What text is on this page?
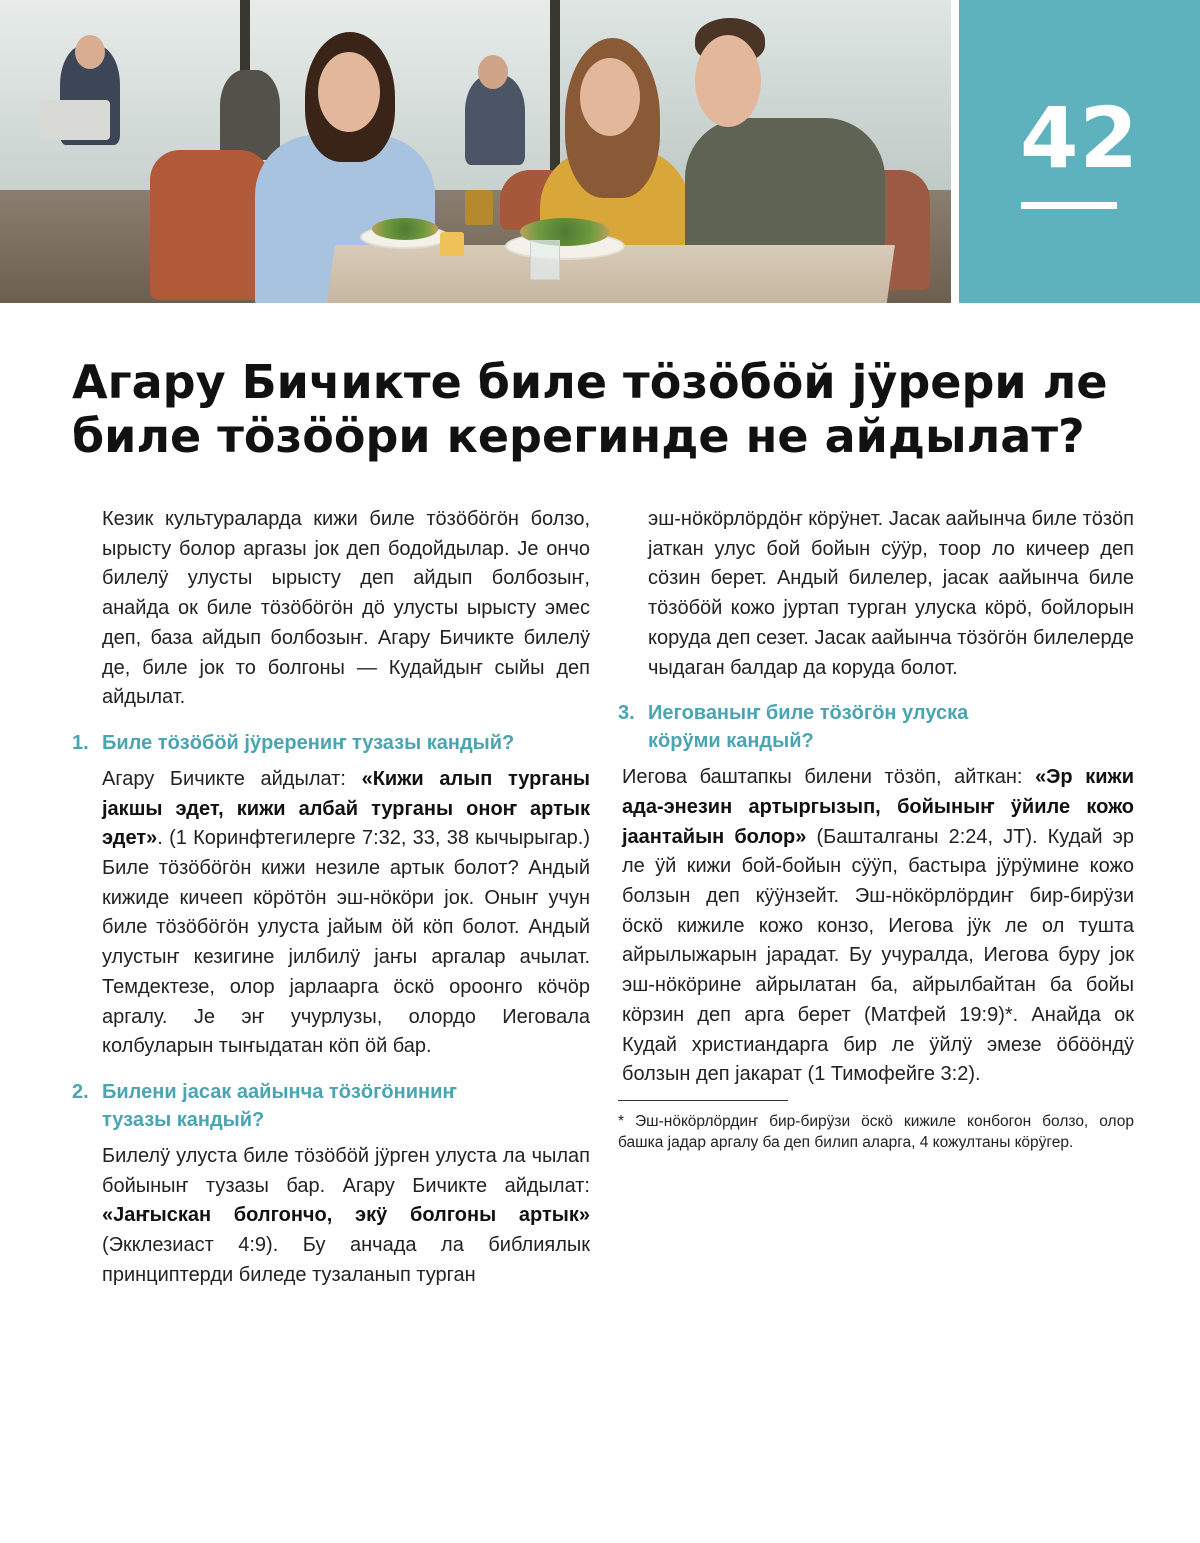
42
Агару Бичикте биле тӧзӧбӧй јӱрери ле
биле тӧзӧӧри керегинде не айдылат?

Кезик культураларда кижи биле тӧзӧбӧгӧн болзо, ырысту болор аргазы јок деп бодойдылар. Је ончо билелӱ улусты ырысту деп айдып болбозыҥ, анайда ок биле тӧзӧбӧгӧн дӧ улусты ырысту эмес деп, база айдып болбозыҥ. Агару Бичикте билелӱ де, биле јок то болгоны — Кудайдыҥ сыйы деп айдылат.

1. Биле тӧзӧбӧй јӱререниҥ тузазы кандый?

Агару Бичикте айдылат: «Кижи алып турганы јакшы эдет, кижи албай турганы оноҥ артык эдет». (1 Коринфтегилерге 7:32, 33, 38 кычырыгар.) Биле тӧзӧбӧгӧн кижи незиле артык болот? Андый кижиде кичееп кӧрӧтӧн эш-нӧкӧри јок. Оныҥ учун биле тӧзӧбӧгӧн улуста јайым ӧй кӧп болот. Андый улустыҥ кезигине јилбилӱ јаҥы аргалар ачылат. Темдектезе, олор јарлаарга ӧскӧ ороонго кӧчӧр аргалу. Је эҥ учурлузы, олордо Иеговала колбуларын тыҥыдатан кӧп ӧй бар.

2. Билени јасак аайынча тӧзӧгӧниниҥ
тузазы кандый?

Билелӱ улуста биле тӧзӧбӧй јӱрген улуста ла чылап бойыныҥ тузазы бар. Агару Бичикте айдылат: «Јаҥыскан болгончо, экӱ болгоны артык» (Экклезиаст 4:9). Бу анчада ла библиялык принциптерди биледе тузаланып турган

эш-нӧкӧрлӧрдӧҥ кӧрӱнет. Јасак аайынча биле тӧзӧп јаткан улус бой бойын сӱӱр, тоор ло кичеер деп сӧзин берет. Андый билелер, јасак аайынча биле тӧзӧбӧй кожо јуртап турган улуска кӧрӧ, бойлорын коруда деп сезет. Јасак аайынча тӧзӧгӧн билелерде чыдаган балдар да коруда болот.

3. Иегованыҥ биле тӧзӧгӧн улуска
кӧрӱми кандый?

Иегова баштапкы билени тӧзӧп, айткан: «Эр кижи ада-энезин артыргызып, бойыныҥ ӱйиле кожо јаантайын болор» (Башталганы 2:24, ЈТ). Кудай эр ле ӱй кижи бой-бойын сӱӱп, бастыра јӱрӱмине кожо болзын деп кӱӱнзейт. Эш-нӧкӧрлӧрдиҥ бир-бирӱзи ӧскӧ кижиле кожо конзо, Иегова јӱк ле ол тушта айрылыжарын јарадат. Бу учуралда, Иегова буру јок эш-нӧкӧрине айрылатан ба, айрылбайтан ба бойы кӧрзин деп арга берет (Матфей 19:9)*. Анайда ок Кудай христиандарга бир ле ӱйлӱ эмезе ӧбӧӧндӱ болзын деп јакарат (1 Тимофейге 3:2).

* Эш-нӧкӧрлӧрдиҥ бир-бирӱзи ӧскӧ кижиле конбогон болзо, олор башка јадар аргалу ба деп билип аларга, 4 кожултаны кӧрӱгер.
